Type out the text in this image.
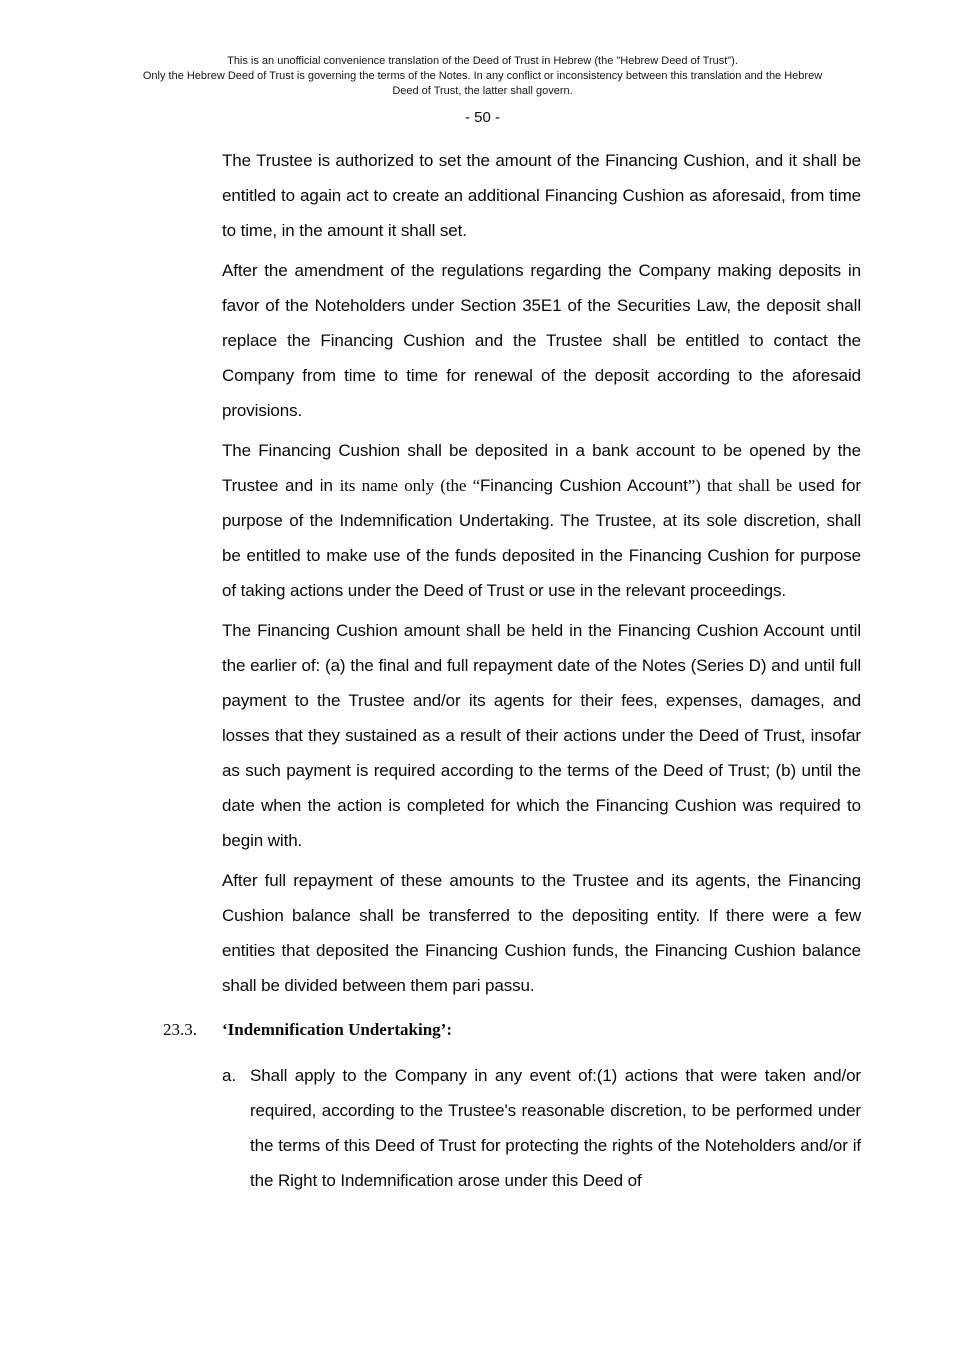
This is an unofficial convenience translation of the Deed of Trust in Hebrew (the "Hebrew Deed of Trust").
Only the Hebrew Deed of Trust is governing the terms of the Notes. In any conflict or inconsistency between this translation and the Hebrew
Deed of Trust, the latter shall govern.
- 50 -

The Trustee is authorized to set the amount of the Financing Cushion, and it shall be entitled to again act to create an additional Financing Cushion as aforesaid, from time to time, in the amount it shall set.

After the amendment of the regulations regarding the Company making deposits in favor of the Noteholders under Section 35E1 of the Securities Law, the deposit shall replace the Financing Cushion and the Trustee shall be entitled to contact the Company from time to time for renewal of the deposit according to the aforesaid provisions.

The Financing Cushion shall be deposited in a bank account to be opened by the Trustee and in its name only (the “Financing Cushion Account”) that shall be used for purpose of the Indemnification Undertaking. The Trustee, at its sole discretion, shall be entitled to make use of the funds deposited in the Financing Cushion for purpose of taking actions under the Deed of Trust or use in the relevant proceedings.

The Financing Cushion amount shall be held in the Financing Cushion Account until the earlier of: (a) the final and full repayment date of the Notes (Series D) and until full payment to the Trustee and/or its agents for their fees, expenses, damages, and losses that they sustained as a result of their actions under the Deed of Trust, insofar as such payment is required according to the terms of the Deed of Trust; (b) until the date when the action is completed for which the Financing Cushion was required to begin with.

After full repayment of these amounts to the Trustee and its agents, the Financing Cushion balance shall be transferred to the depositing entity. If there were a few entities that deposited the Financing Cushion funds, the Financing Cushion balance shall be divided between them pari passu.

23.3.	‘Indemnification Undertaking’:
a. Shall apply to the Company in any event of:(1) actions that were taken and/or required, according to the Trustee's reasonable discretion, to be performed under the terms of this Deed of Trust for protecting the rights of the Noteholders and/or if the Right to Indemnification arose under this Deed of
